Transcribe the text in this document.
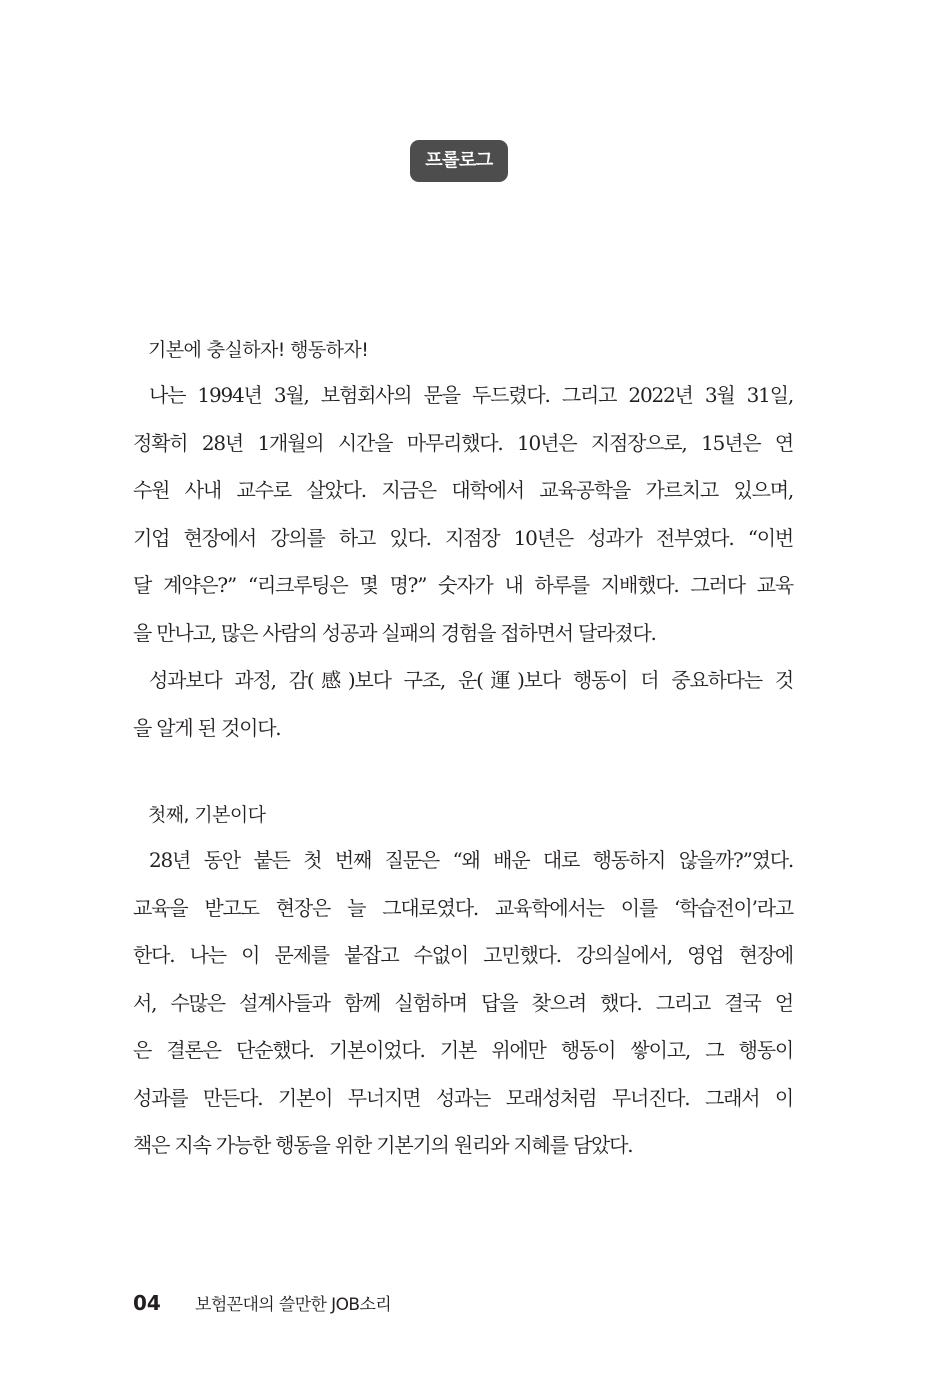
프롤로그
기본에 충실하자! 행동하자!
나는 1994년 3월, 보험회사의 문을 두드렸다. 그리고 2022년 3월 31일,
정확히 28년 1개월의 시간을 마무리했다. 10년은 지점장으로, 15년은 연
수원 사내 교수로 살았다. 지금은 대학에서 교육공학을 가르치고 있으며,
기업 현장에서 강의를 하고 있다. 지점장 10년은 성과가 전부였다. “이번
달 계약은?” “리크루팅은 몇 명?” 숫자가 내 하루를 지배했다. 그러다 교육
을 만나고, 많은 사람의 성공과 실패의 경험을 접하면서 달라졌다.
성과보다 과정, 감(感)보다 구조, 운(運)보다 행동이 더 중요하다는 것
을 알게 된 것이다.
첫째, 기본이다
28년 동안 붙든 첫 번째 질문은 “왜 배운 대로 행동하지 않을까?”였다.
교육을 받고도 현장은 늘 그대로였다. 교육학에서는 이를 ‘학습전이’라고
한다. 나는 이 문제를 붙잡고 수없이 고민했다. 강의실에서, 영업 현장에
서, 수많은 설계사들과 함께 실험하며 답을 찾으려 했다. 그리고 결국 얻
은 결론은 단순했다. 기본이었다. 기본 위에만 행동이 쌓이고, 그 행동이
성과를 만든다. 기본이 무너지면 성과는 모래성처럼 무너진다. 그래서 이
책은 지속 가능한 행동을 위한 기본기의 원리와 지혜를 담았다.
04 보험꼰대의 쓸만한 JOB소리
